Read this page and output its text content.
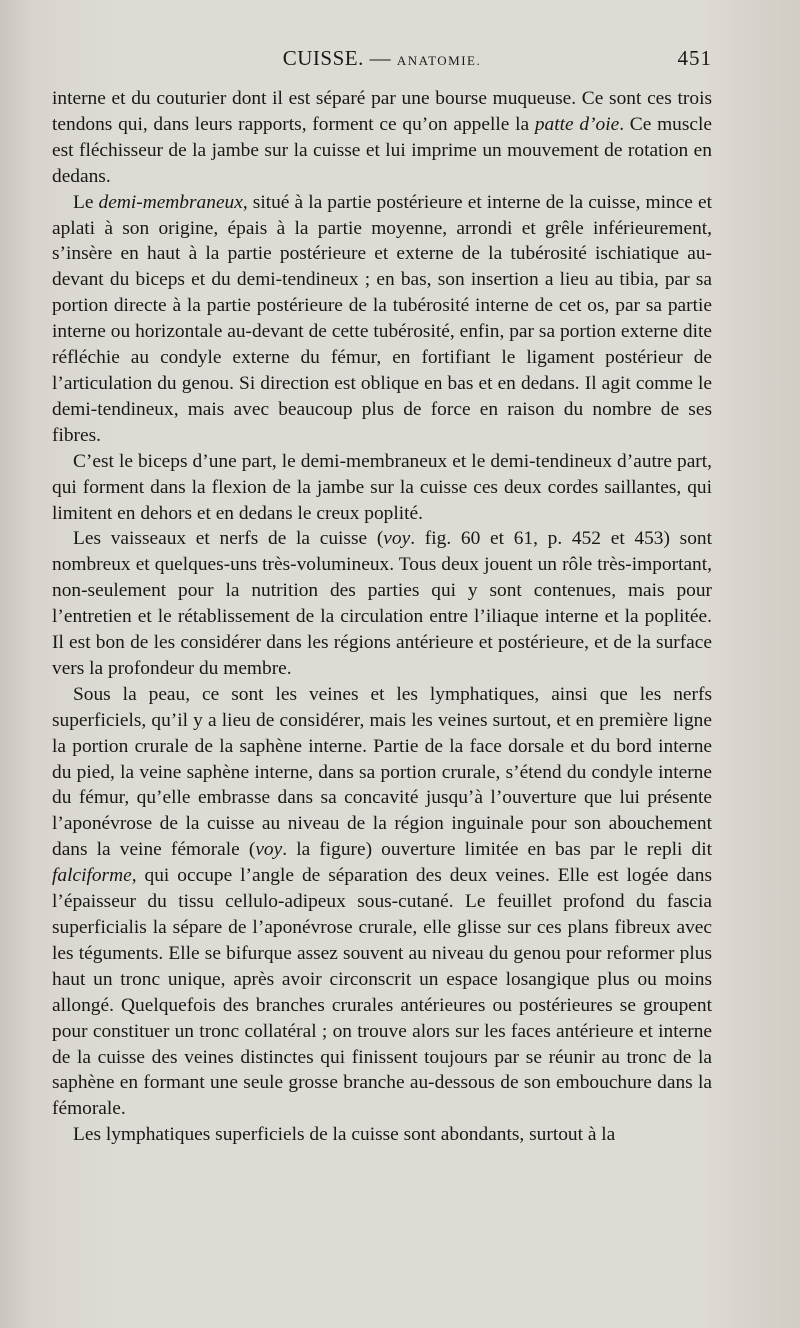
CUISSE. — ANATOMIE.	451

interne et du couturier dont il est séparé par une bourse muqueuse. Ce sont ces trois tendons qui, dans leurs rapports, forment ce qu’on appelle la patte d’oie. Ce muscle est fléchisseur de la jambe sur la cuisse et lui imprime un mouvement de rotation en dedans.

Le demi-membraneux, situé à la partie postérieure et interne de la cuisse, mince et aplati à son origine, épais à la partie moyenne, arrondi et grêle inférieurement, s’insère en haut à la partie postérieure et externe de la tubérosité ischiatique au-devant du biceps et du demi-tendineux ; en bas, son insertion a lieu au tibia, par sa portion directe à la partie postérieure de la tubérosité interne de cet os, par sa partie interne ou horizontale au-devant de cette tubérosité, enfin, par sa portion externe dite réfléchie au condyle externe du fémur, en fortifiant le ligament postérieur de l’articulation du genou. Si direction est oblique en bas et en dedans. Il agit comme le demi-tendineux, mais avec beaucoup plus de force en raison du nombre de ses fibres.

C’est le biceps d’une part, le demi-membraneux et le demi-tendineux d’autre part, qui forment dans la flexion de la jambe sur la cuisse ces deux cordes saillantes, qui limitent en dehors et en dedans le creux poplité.

Les vaisseaux et nerfs de la cuisse (voy. fig. 60 et 61, p. 452 et 453) sont nombreux et quelques-uns très-volumineux. Tous deux jouent un rôle très-important, non-seulement pour la nutrition des parties qui y sont contenues, mais pour l’entretien et le rétablissement de la circulation entre l’iliaque interne et la poplitée. Il est bon de les considérer dans les régions antérieure et postérieure, et de la surface vers la profondeur du membre.

Sous la peau, ce sont les veines et les lymphatiques, ainsi que les nerfs superficiels, qu’il y a lieu de considérer, mais les veines surtout, et en première ligne la portion crurale de la saphène interne. Partie de la face dorsale et du bord interne du pied, la veine saphène interne, dans sa portion crurale, s’étend du condyle interne du fémur, qu’elle embrasse dans sa concavité jusqu’à l’ouverture que lui présente l’aponévrose de la cuisse au niveau de la région inguinale pour son abouchement dans la veine fémorale (voy. la figure) ouverture limitée en bas par le repli dit falciforme, qui occupe l’angle de séparation des deux veines. Elle est logée dans l’épaisseur du tissu cellulo-adipeux sous-cutané. Le feuillet profond du fascia superficialis la sépare de l’aponévrose crurale, elle glisse sur ces plans fibreux avec les téguments. Elle se bifurque assez souvent au niveau du genou pour reformer plus haut un tronc unique, après avoir circonscrit un espace losangique plus ou moins allongé. Quelquefois des branches crurales antérieures ou postérieures se groupent pour constituer un tronc collatéral ; on trouve alors sur les faces antérieure et interne de la cuisse des veines distinctes qui finissent toujours par se réunir au tronc de la saphène en formant une seule grosse branche au-dessous de son embouchure dans la fémorale.

Les lymphatiques superficiels de la cuisse sont abondants, surtout à la
